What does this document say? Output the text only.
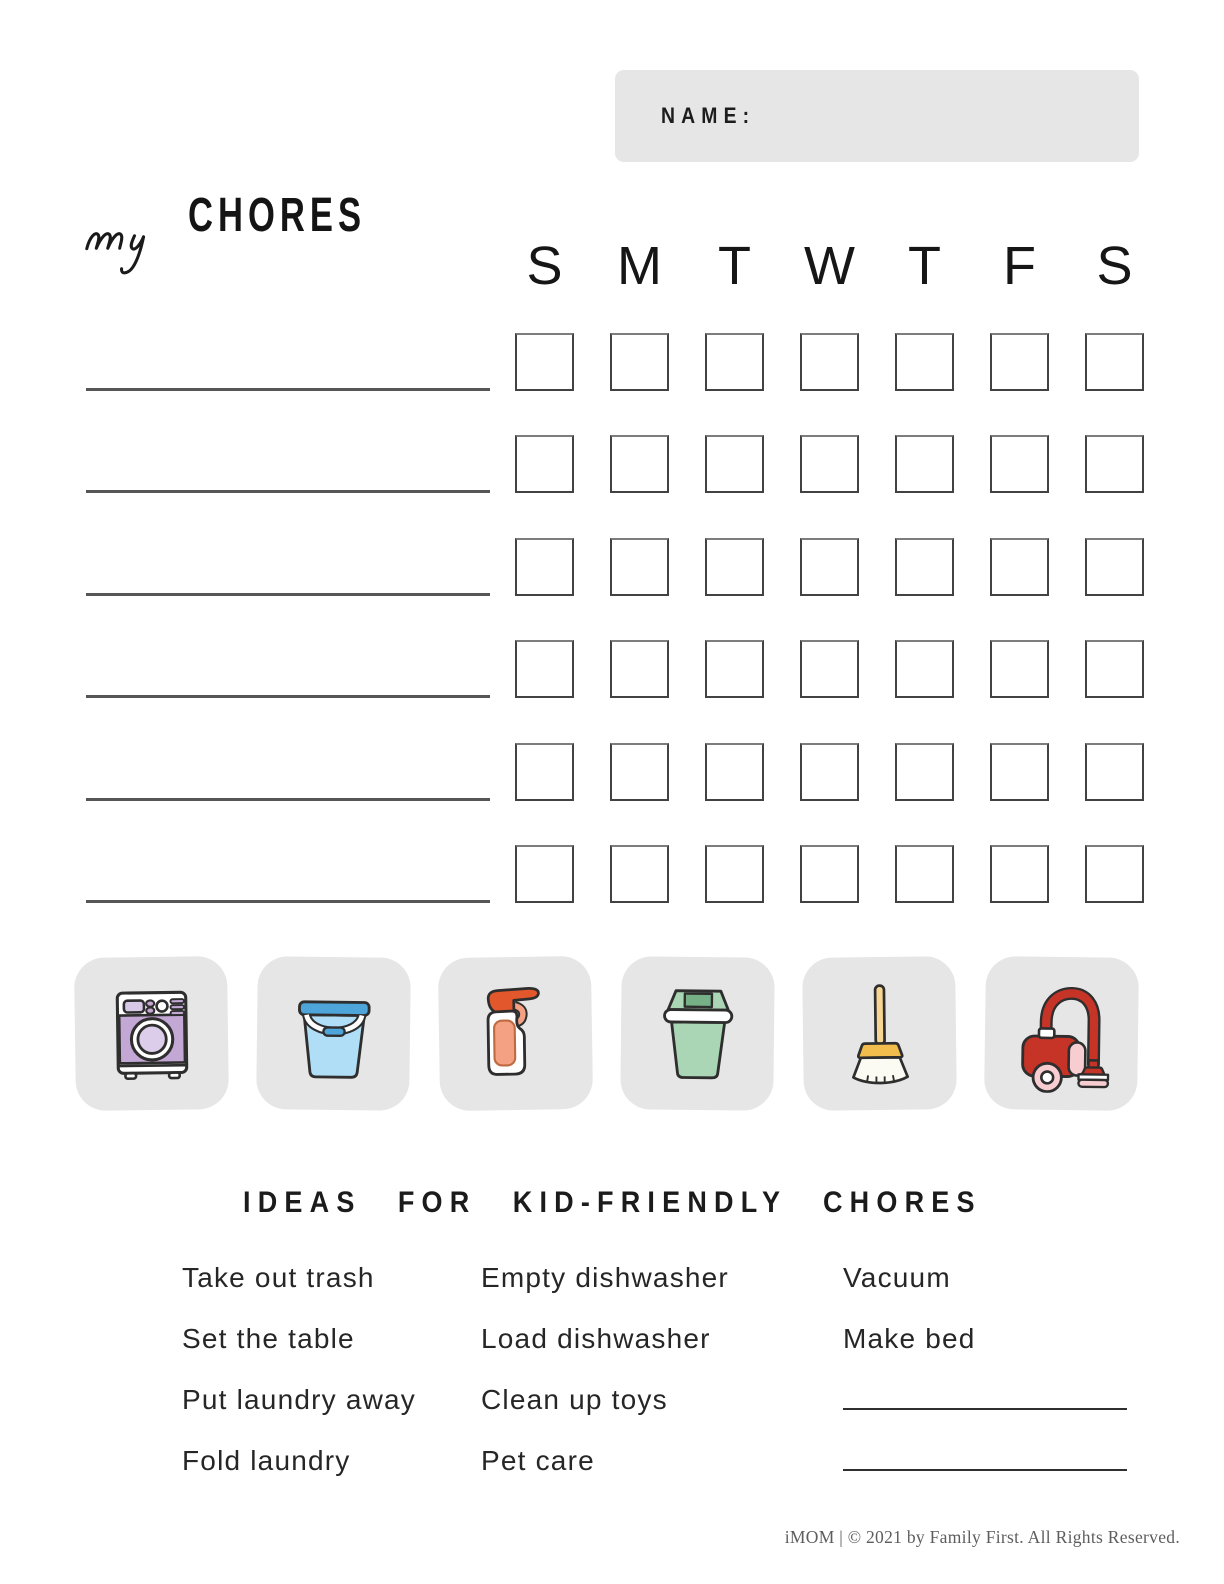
NAME:
CHORES
IDEAS FOR KID-FRIENDLY CHORES
iMOM | © 2021 by Family First. All Rights Reserved.
S M T W T F S
Take out trash
Set the table
Put laundry away
Fold laundry
Empty dishwasher
Load dishwasher
Clean up toys
Pet care
Vacuum
Make bed
